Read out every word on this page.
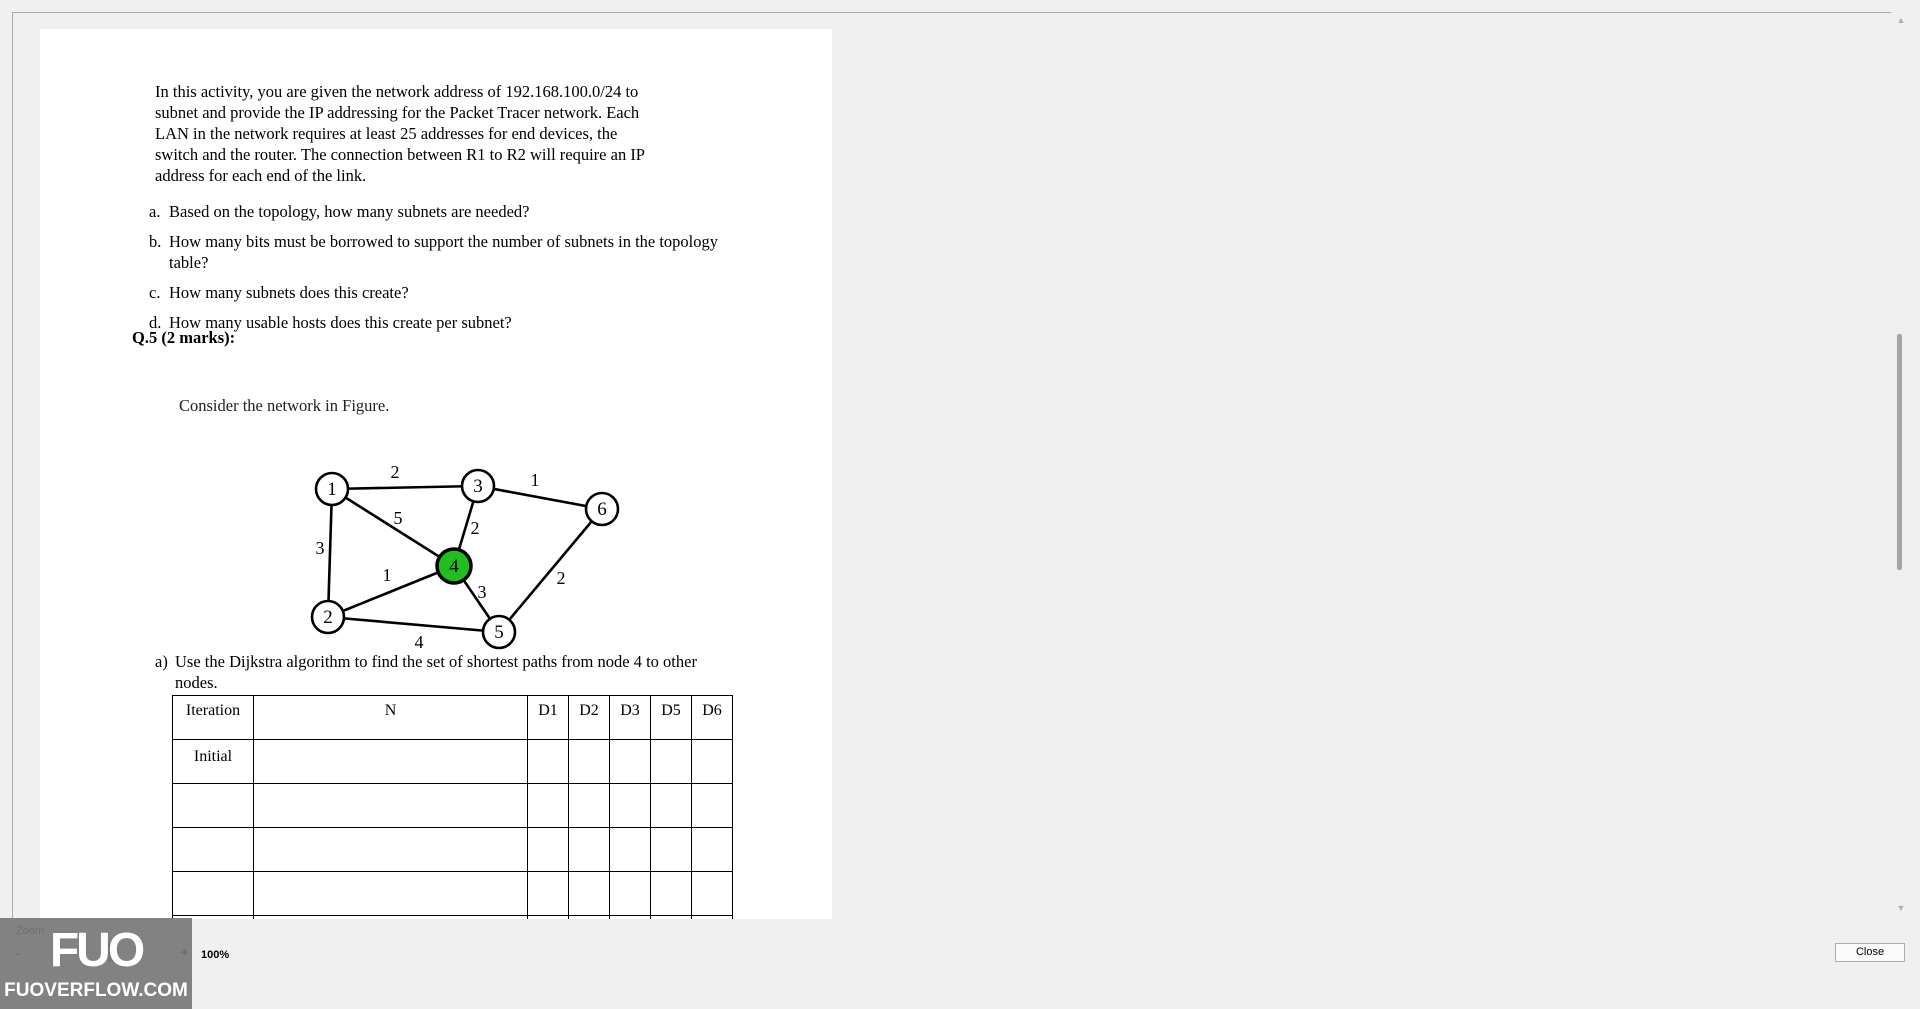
In this activity, you are given the network address of 192.168.100.0/24 to subnet and provide the IP addressing for the Packet Tracer network. Each LAN in the network requires at least 25 addresses for end devices, the switch and the router. The connection between R1 to R2 will require an IP address for each end of the link.
a. Based on the topology, how many subnets are needed?
b. How many bits must be borrowed to support the number of subnets in the topology table?
c. How many subnets does this create?
d. How many usable hosts does this create per subnet?
Q.5 (2 marks):
Consider the network in Figure.
2	1
5	2
3
1
3
2
4
1
2
3
4
5
6
a) Use the Dijkstra algorithm to find the set of shortest paths from node 4 to other nodes.
Iteration	N	D1	D2	D3	D5	D6
Initial						

▲
▼
100%
FUO
FUOVERFLOW.COM
Close
